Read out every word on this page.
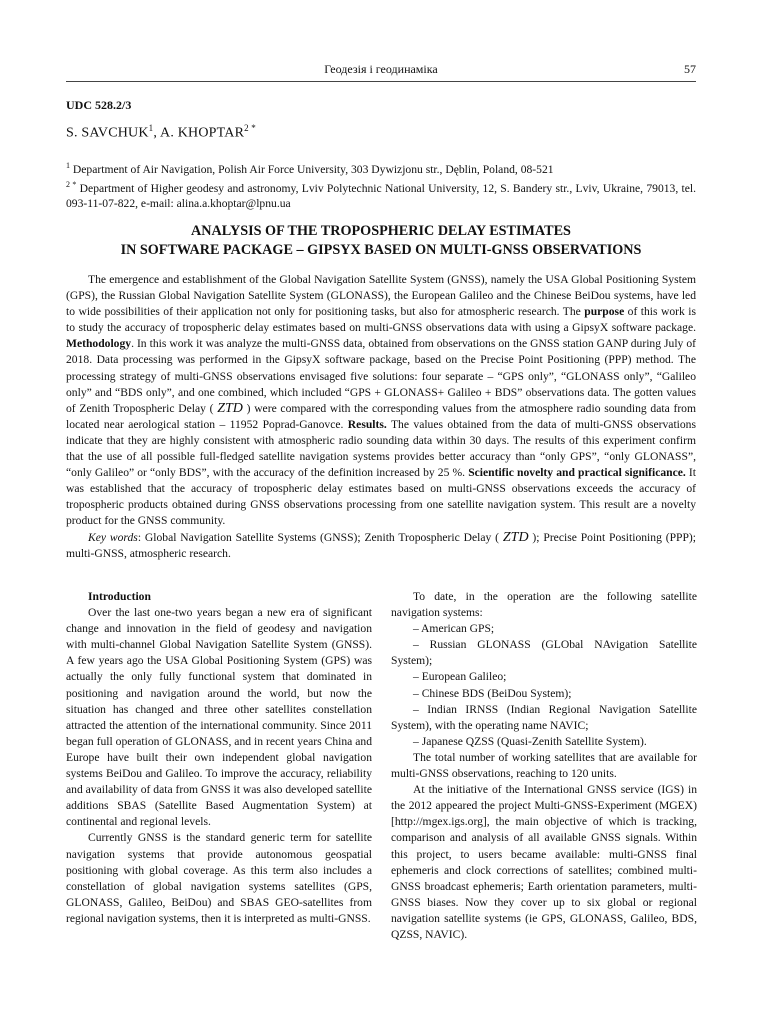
Геодезія і геодинаміка	57
UDC 528.2/3
S. SAVCHUK$^1$, A. $KHOPTAR^{2 *}$
$^1$ Department of Air Navigation, Polish Air Force University, 303 Dywizjonu str., Dęblin, Poland, 08-521
$^{2 *}$ Department of Higher geodesy and astronomy, Lviv Polytechnic National University, 12, S. Bandery str., Lviv, Ukraine, 79013, tel. 093-11-07-822, e-mail: alina.a.khoptar@lpnu.ua
ANALYSIS OF THE TROPOSPHERIC DELAY ESTIMATES
IN SOFTWARE PACKAGE – GIPSYX BASED ON MULTI-GNSS OBSERVATIONS

The emergence and establishment of the Global Navigation Satellite System (GNSS), namely the USA Global Positioning System (GPS), the Russian Global Navigation Satellite System (GLONASS), the European Galileo and the Chinese BeiDou systems, have led to wide possibilities of their application not only for positioning tasks, but also for atmospheric research. The purpose of this work is to study the accuracy of tropospheric delay estimates based on multi-GNSS observations data with using a GipsyX software package. Methodology. In this work it was analyze the multi-GNSS data, obtained from observations on the GNSS station GANP during July of 2018. Data processing was performed in the GipsyX software package, based on the Precise Point Positioning (PPP) method. The processing strategy of multi-GNSS observations envisaged five solutions: four separate – “GPS only”, “GLONASS only”, “Galileo only” and “BDS only”, and one combined, which included “GPS + GLONASS+ Galileo + BDS” observations data. The gotten values of Zenith Tropospheric Delay ( ZTD ) were compared with the corresponding values from the atmosphere radio sounding data from located near aerological station – 11952 Poprad-Ganovce. Results. The values obtained from the data of multi-GNSS observations indicate that they are highly consistent with atmospheric radio sounding data within 30 days. The results of this experiment confirm that the use of all possible full-fledged satellite navigation systems provides better accuracy than “only GPS”, “only GLONASS”, “only Galileo” or “only BDS”, with the accuracy of the definition increased by 25 %. Scientific novelty and practical significance. It was established that the accuracy of tropospheric delay estimates based on multi-GNSS observations exceeds the accuracy of tropospheric products obtained during GNSS observations processing from one satellite navigation system. This result are a novelty product for the GNSS community.

Key words: Global Navigation Satellite Systems (GNSS); Zenith Tropospheric Delay ( ZTD ); Precise Point Positioning (PPP); multi-GNSS, atmospheric research.

Introduction

Over the last one-two years began a new era of significant change and innovation in the field of geodesy and navigation with multi-channel Global Navigation Satellite System (GNSS). A few years ago the USA Global Positioning System (GPS) was actually the only fully functional system that dominated in positioning and navigation around the world, but now the situation has changed and three other satellites constellation attracted the attention of the international community. Since 2011 began full operation of GLONASS, and in recent years China and Europe have built their own independent global navigation systems BeiDou and Galileo. To improve the accuracy, reliability and availability of data from GNSS it was also developed satellite additions SBAS (Satellite Based Augmentation System) at continental and regional levels.

Currently GNSS is the standard generic term for satellite navigation systems that provide autonomous geospatial positioning with global coverage. As this term also includes a constellation of global navigation systems satellites (GPS, GLONASS, Galileo, BeiDou) and SBAS GEO-satellites from regional navigation systems, then it is interpreted as multi-GNSS.

To date, in the operation are the following satellite navigation systems:

– American GPS;

– Russian GLONASS (GLObal NAvigation Satellite System);

– European Galileo;

– Chinese BDS (BeiDou System);

– Indian IRNSS (Indian Regional Navigation Satellite System), with the operating name NAVIC;

– Japanese QZSS (Quasi-Zenith Satellite System).

The total number of working satellites that are available for multi-GNSS observations, reaching to 120 units.

At the initiative of the International GNSS service (IGS) in the 2012 appeared the project Multi-GNSS-Experiment (MGEX) [http://mgex.igs.org], the main objective of which is tracking, comparison and analysis of all available GNSS signals. Within this project, to users became available: multi-GNSS final ephemeris and clock corrections of satellites; combined multi-GNSS broadcast ephemeris; Earth orientation parameters, multi-GNSS biases. Now they cover up to six global or regional navigation satellite systems (ie GPS, GLONASS, Galileo, BDS, QZSS, NAVIC).
